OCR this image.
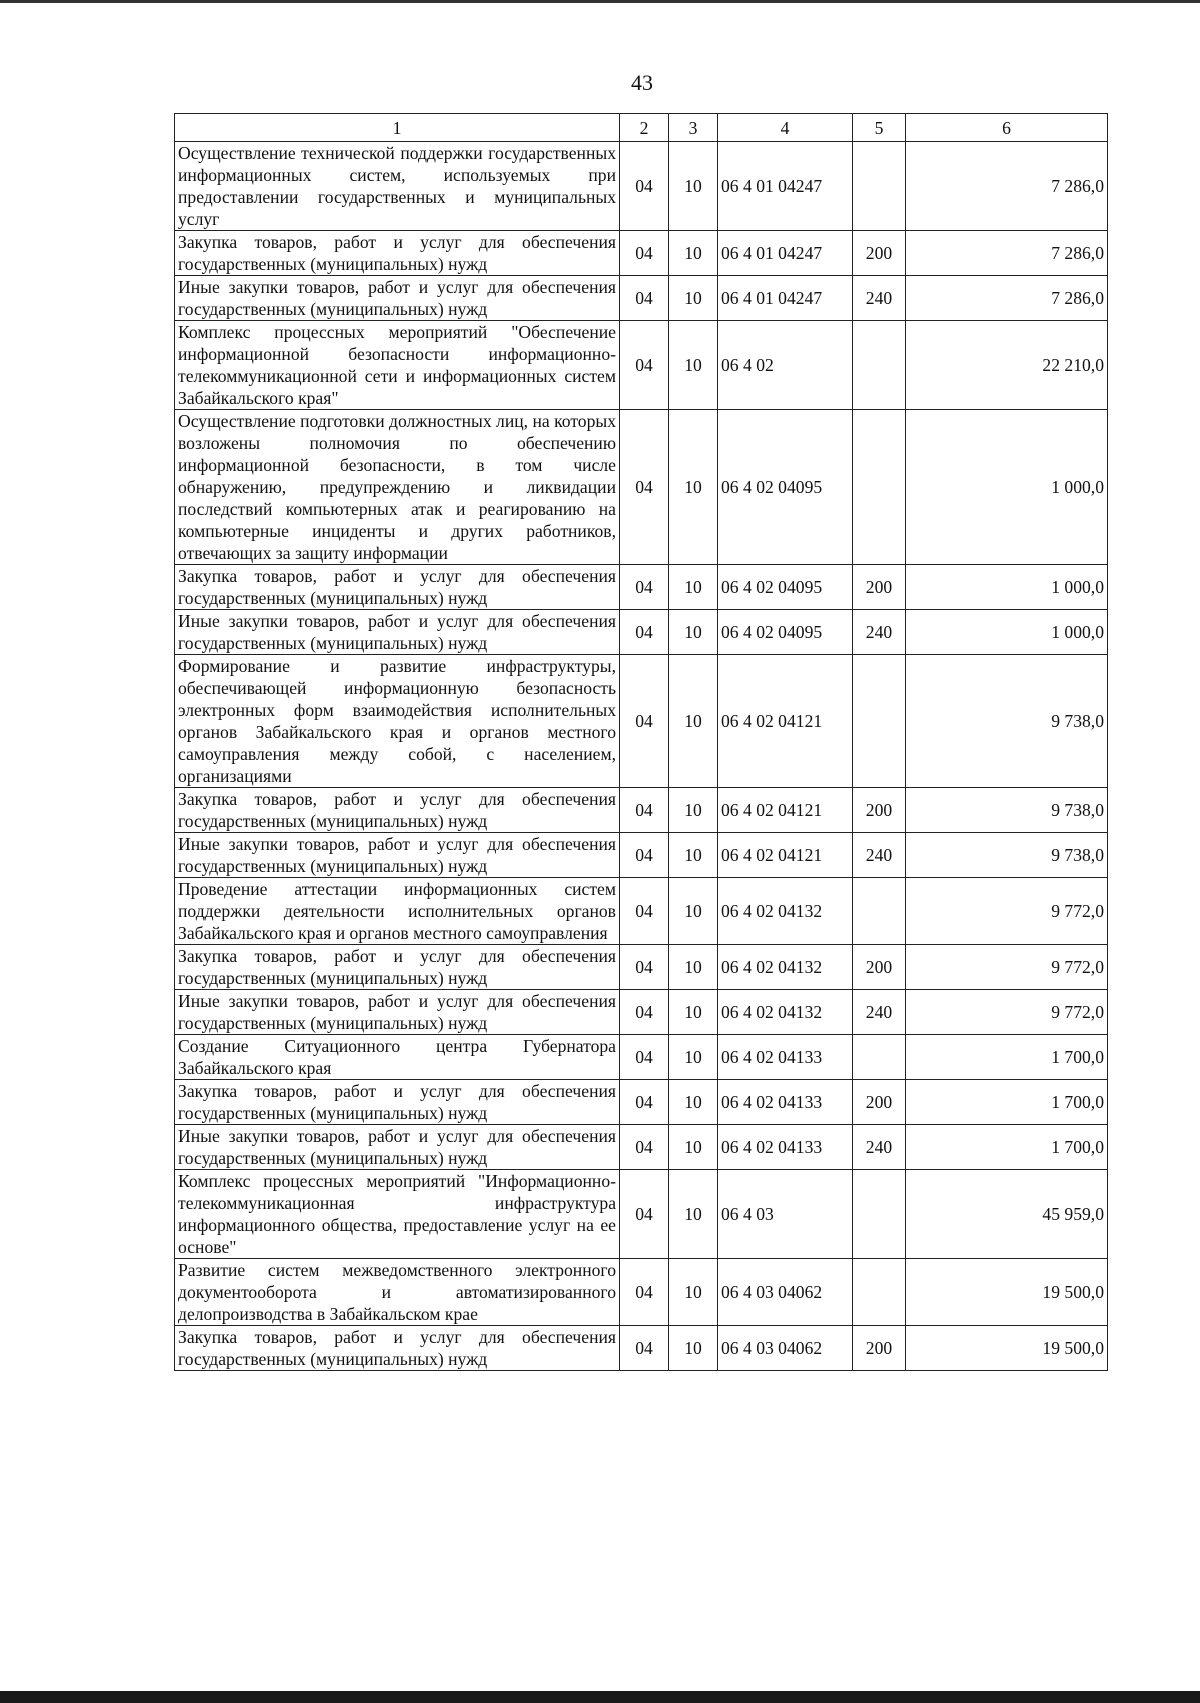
43
1	2	3	4	5	6
Осуществление технической поддержки государственных информационных систем, используемых при предоставлении государственных и муниципальных услуг	04	10	06 4 01 04247		7 286,0
Закупка товаров, работ и услуг для обеспечения государственных (муниципальных) нужд	04	10	06 4 01 04247	200	7 286,0
Иные закупки товаров, работ и услуг для обеспечения государственных (муниципальных) нужд	04	10	06 4 01 04247	240	7 286,0
Комплекс процессных мероприятий "Обеспечение информационной безопасности информационно-телекоммуникационной сети и информационных систем Забайкальского края"	04	10	06 4 02		22 210,0
Осуществление подготовки должностных лиц, на которых возложены полномочия по обеспечению информационной безопасности, в том числе обнаружению, предупреждению и ликвидации последствий компьютерных атак и реагированию на компьютерные инциденты и других работников, отвечающих за защиту информации	04	10	06 4 02 04095		1 000,0
Закупка товаров, работ и услуг для обеспечения государственных (муниципальных) нужд	04	10	06 4 02 04095	200	1 000,0
Иные закупки товаров, работ и услуг для обеспечения государственных (муниципальных) нужд	04	10	06 4 02 04095	240	1 000,0
Формирование и развитие инфраструктуры, обеспечивающей информационную безопасность электронных форм взаимодействия исполнительных органов Забайкальского края и органов местного самоуправления между собой, с населением, организациями	04	10	06 4 02 04121		9 738,0
Закупка товаров, работ и услуг для обеспечения государственных (муниципальных) нужд	04	10	06 4 02 04121	200	9 738,0
Иные закупки товаров, работ и услуг для обеспечения государственных (муниципальных) нужд	04	10	06 4 02 04121	240	9 738,0
Проведение аттестации информационных систем поддержки деятельности исполнительных органов Забайкальского края и органов местного самоуправления	04	10	06 4 02 04132		9 772,0
Закупка товаров, работ и услуг для обеспечения государственных (муниципальных) нужд	04	10	06 4 02 04132	200	9 772,0
Иные закупки товаров, работ и услуг для обеспечения государственных (муниципальных) нужд	04	10	06 4 02 04132	240	9 772,0
Создание Ситуационного центра Губернатора Забайкальского края	04	10	06 4 02 04133		1 700,0
Закупка товаров, работ и услуг для обеспечения государственных (муниципальных) нужд	04	10	06 4 02 04133	200	1 700,0
Иные закупки товаров, работ и услуг для обеспечения государственных (муниципальных) нужд	04	10	06 4 02 04133	240	1 700,0
Комплекс процессных мероприятий "Информационно-телекоммуникационная инфраструктура информационного общества, предоставление услуг на ее основе"	04	10	06 4 03		45 959,0
Развитие систем межведомственного электронного документооборота и автоматизированного делопроизводства в Забайкальском крае	04	10	06 4 03 04062		19 500,0
Закупка товаров, работ и услуг для обеспечения государственных (муниципальных) нужд	04	10	06 4 03 04062	200	19 500,0
